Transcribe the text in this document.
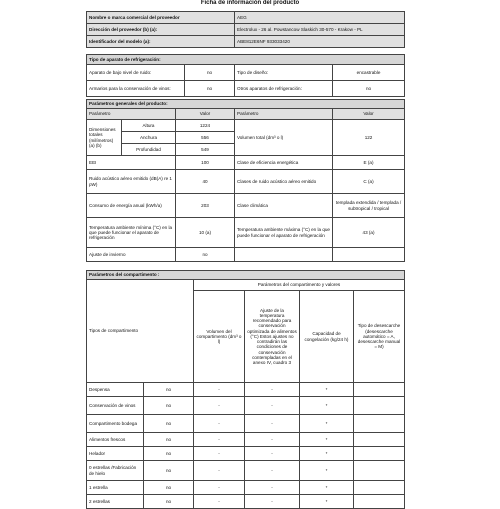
Ficha de información del producto
Nombre o marca comercial del proveedor	AEG
Dirección del proveedor (b) (a):	Electrolux - 26 al. Powstancow Slaskich 30-570 - Krakow - PL
Identificador del modelo (a):	ABE812E6NF 933033420
Tipo de aparato de refrigeración:			
Aparato de bajo nivel de ruido:	no	Tipo de diseño:	encastrable
Armarios para la conservación de vinos:	no	Otros aparatos de refrigeración:	no
Parámetros generales del producto:				
Parámetro		Valor	Parámetro	Valor
Dimensiones totales (milímetros) (a) (b)	Altura	1224	Volumen total (dm³ o l)	122
	Anchura	556		
	Profundidad	549		
EEI		100	Clase de eficiencia energética	E (a)
Ruido acústico aéreo emitido (dB(A) re 1 pW)		40	Clases de ruido acústico aéreo emitido	C (a)
Consumo de energía anual (kWh/a)		203	Clase climática	templada extendida / templada / subtropical / tropical
Temperatura ambiente mínima (°C) en la que puede funcionar el aparato de refrigeración		10 (a)	Temperatura ambiente máxima (°C) en la que puede funcionar el aparato de refrigeración	43 (a)
Ajuste de invierno		no		
Parámetros del compartimento :					
Tipos de compartimento		Parámetros del compartimento y valores			
		Volumen del compartimento (dm³ o l)	Ajuste de la temperatura recomendado para conservación optimizada de alimentos (°C) Estos ajustes no contradirán las condiciones de conservación contempladas en el anexo IV, cuadro 3	Capacidad de congelación (kg/24 h)	Tipo de desescarche (desescarche automático = A, desescarche manual = M)
Despensa	no	-	-	*	
Conservación de vinos	no	-	-	*	
Compartimento bodega	no	-	-	*	
Alimentos frescos	no	-	-	*	
Helador	no	-	-	*	
0 estrellas /Fabricación de hielo	no	-	-	*	
1 estrella	no	-	-	*	
2 estrellas	no	-	-	*	
